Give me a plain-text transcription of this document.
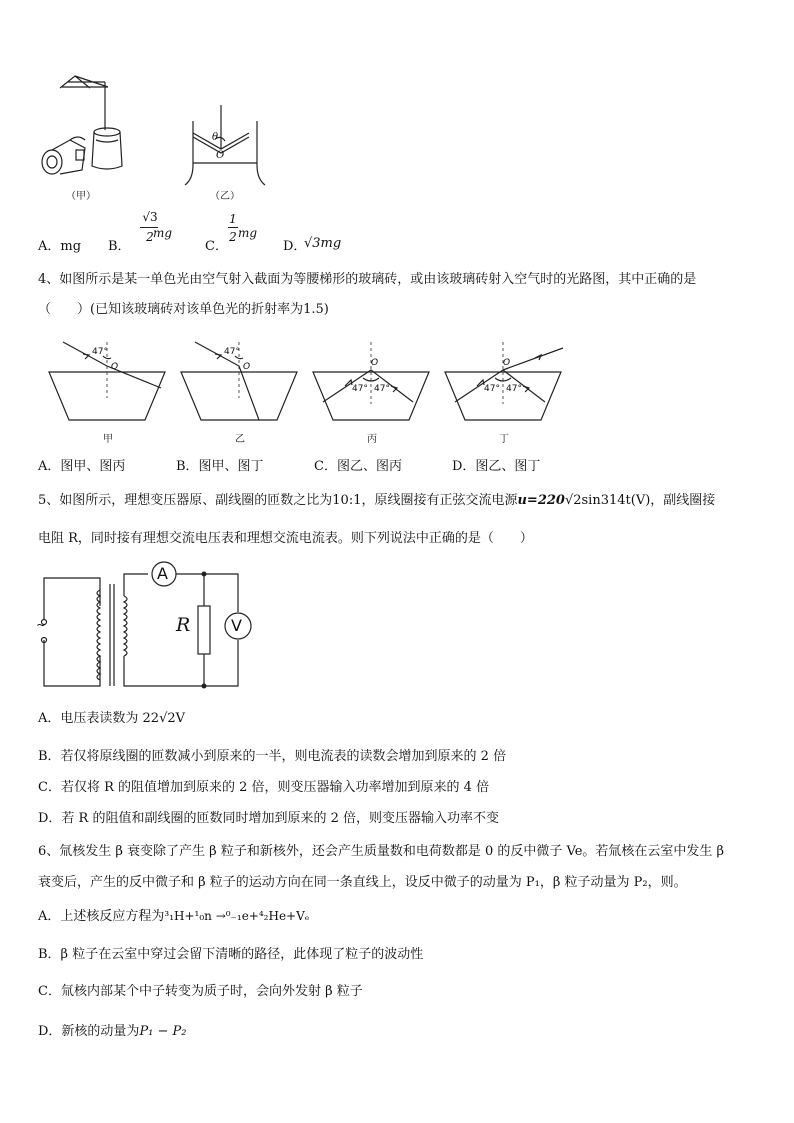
（甲）
θ
O
（乙）
A．mg B．
√3
2 mg
C．
1
2 mg
D．
√3mg
4、如图所示是某一单色光由空气射入截面为等腰梯形的玻璃砖，或由该玻璃砖射入空气时的光路图，其中正确的是
（　　）(已知该玻璃砖对该单色光的折射率为1.5)
47°
O
47°
O	O
47° 47°
O
47° 47°
甲	乙	丙	丁
A．图甲、图丙	B．图甲、图丁	C．图乙、图丙	D．图乙、图丁
5、如图所示，理想变压器原、副线圈的匝数之比为10:1，原线圈接有正弦交流电源u=220√2sin314t(V)，副线圈接
电阻 R，同时接有理想交流电压表和理想交流电流表。则下列说法中正确的是（　　）
~
A
R	V
A．电压表读数为 22√2V
B．若仅将原线圈的匝数减小到原来的一半，则电流表的读数会增加到原来的 2 倍
C．若仅将 R 的阻值增加到原来的 2 倍，则变压器输入功率增加到原来的 4 倍
D．若 R 的阻值和副线圈的匝数同时增加到原来的 2 倍，则变压器输入功率不变
6、氚核发生 β 衰变除了产生 β 粒子和新核外，还会产生质量数和电荷数都是 0 的反中微子 Ve。若氚核在云室中发生 β
衰变后，产生的反中微子和 β 粒子的运动方向在同一条直线上，设反中微子的动量为 P₁，β 粒子动量为 P₂，则。
A．上述核反应方程为³₁H+¹₀n →⁰₋₁e+⁴₂He+Vₑ
B．β 粒子在云室中穿过会留下清晰的路径，此体现了粒子的波动性
C．氚核内部某个中子转变为质子时，会向外发射 β 粒子
D．新核的动量为P₁ − P₂
